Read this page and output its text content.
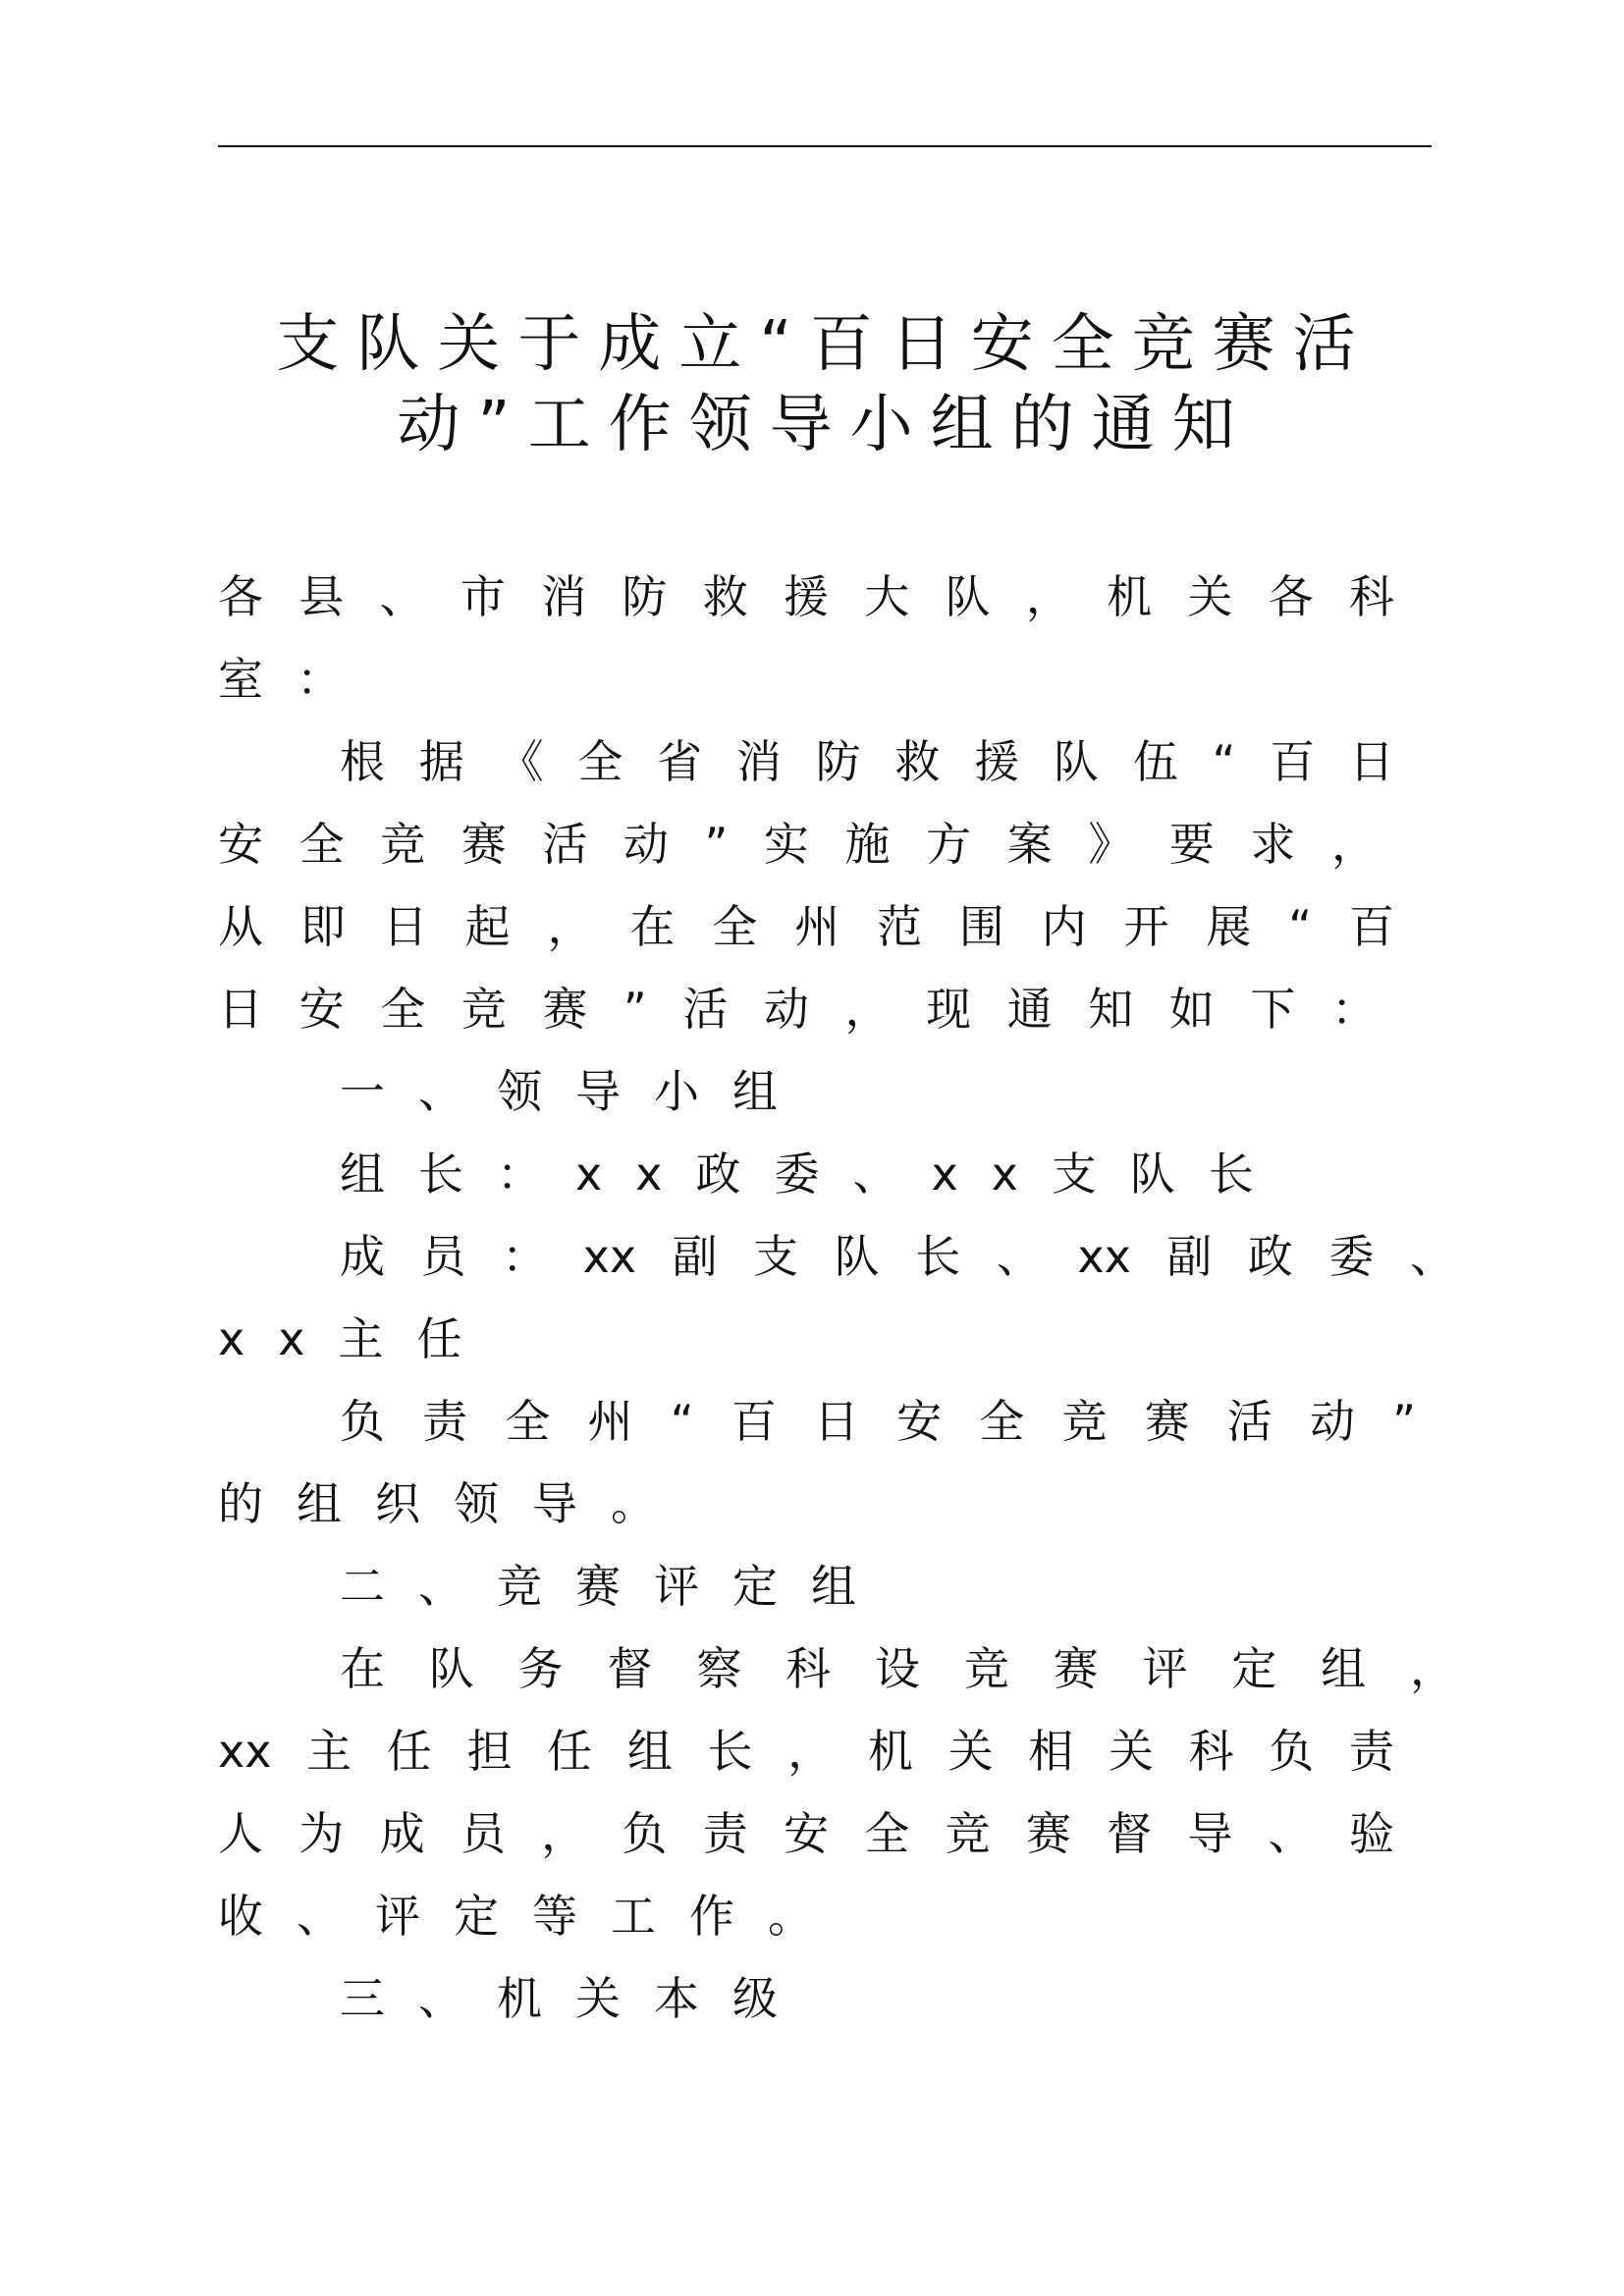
支队关于成立“百日安全竞赛活
动”工作领导小组的通知

各县、市消防救援大队，机关各科

室：

根据《全省消防救援队伍“百日

安全竞赛活动”实施方案》要求，

从即日起，在全州范围内开展“百

日安全竞赛”活动，现通知如下：

一、领导小组

组长：xx政委、xx支队长

成员：xx副支队长、xx副政委、

xx主任

负责全州“百日安全竞赛活动”

的组织领导。

二、竞赛评定组

在队务督察科设竞赛评定组，

xx主任担任组长，机关相关科负责

人为成员，负责安全竞赛督导、验

收、评定等工作。

三、机关本级
